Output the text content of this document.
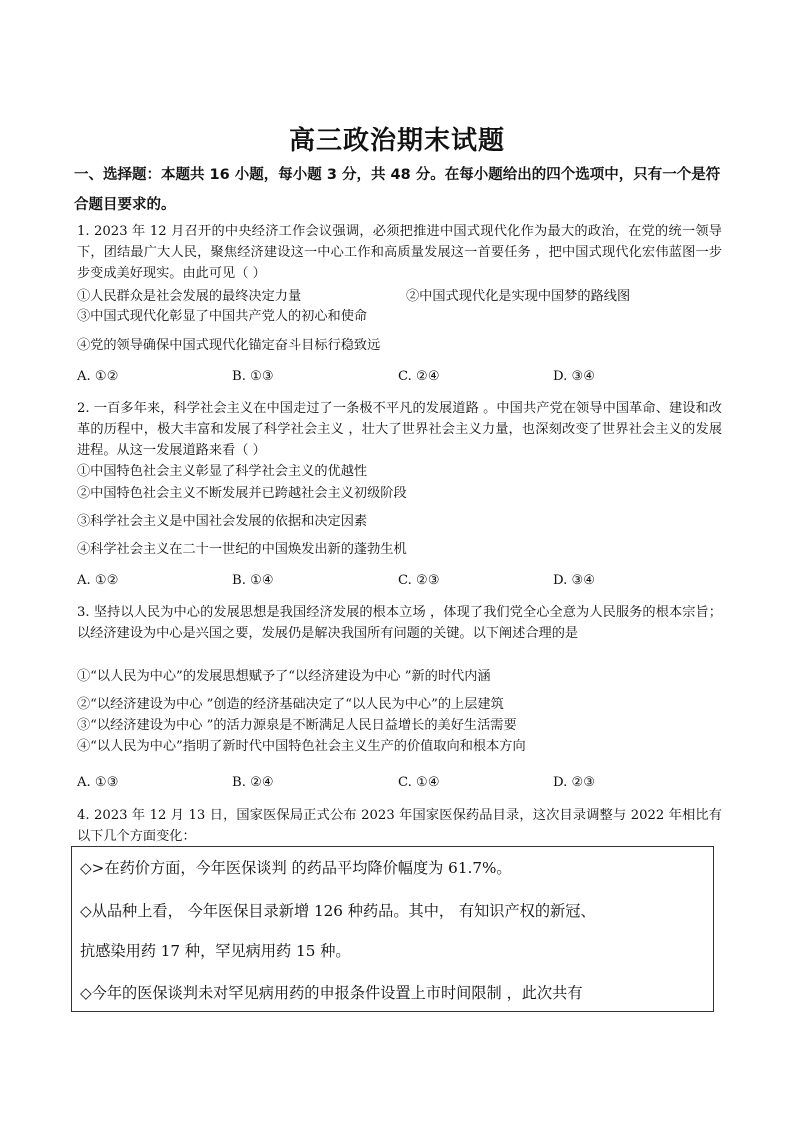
高三政治期末试题
一、选择题：本题共 16 小题，每小题 3 分，共 48 分。在每小题给出的四个选项中，只有一个是符合题目要求的。
1. 2023 年 12 月召开的中央经济工作会议强调，必须把推进中国式现代化作为最大的政治，在党的统一领导下，团结最广大人民，聚焦经济建设这一中心工作和高质量发展这一首要任务 ，把中国式现代化宏伟蓝图一步步变成美好现实。由此可见（ ）
①人民群众是社会发展的最终决定力量	②中国式现代化是实现中国梦的路线图
③中国式现代化彰显了中国共产党人的初心和使命
④党的领导确保中国式现代化锚定奋斗目标行稳致远
A. ①②	B. ①③	C. ②④	D. ③④
2. 一百多年来，科学社会主义在中国走过了一条极不平凡的发展道路 。中国共产党在领导中国革命、建设和改革的历程中，极大丰富和发展了科学社会主义 ，壮大了世界社会主义力量，也深刻改变了世界社会主义的发展进程。从这一发展道路来看（ ）
①中国特色社会主义彰显了科学社会主义的优越性
②中国特色社会主义不断发展并已跨越社会主义初级阶段
③科学社会主义是中国社会发展的依据和决定因素
④科学社会主义在二十一世纪的中国焕发出新的蓬勃生机
A. ①②	B. ①④	C. ②③	D. ③④
3. 坚持以人民为中心的发展思想是我国经济发展的根本立场 ，体现了我们党全心全意为人民服务的根本宗旨；以经济建设为中心是兴国之要，发展仍是解决我国所有问题的关键。以下阐述合理的是
①“以人民为中心”的发展思想赋予了“以经济建设为中心 ”新的时代内涵
②“以经济建设为中心 ”创造的经济基础决定了“以人民为中心”的上层建筑
③“以经济建设为中心 ”的活力源泉是不断满足人民日益增长的美好生活需要
④“以人民为中心”指明了新时代中国特色社会主义生产的价值取向和根本方向
A. ①③	B. ②④	C. ①④	D. ②③
4. 2023 年 12 月 13 日，国家医保局正式公布 2023 年国家医保药品目录，这次目录调整与 2022 年相比有以下几个方面变化：
◇>在药价方面，今年医保谈判 的药品平均降价幅度为 61.7%。
◇从品种上看， 今年医保目录新增 126 种药品。其中， 有知识产权的新冠、
抗感染用药 17 种，罕见病用药 15 种。
◇今年的医保谈判未对罕见病用药的申报条件设置上市时间限制 ，此次共有
